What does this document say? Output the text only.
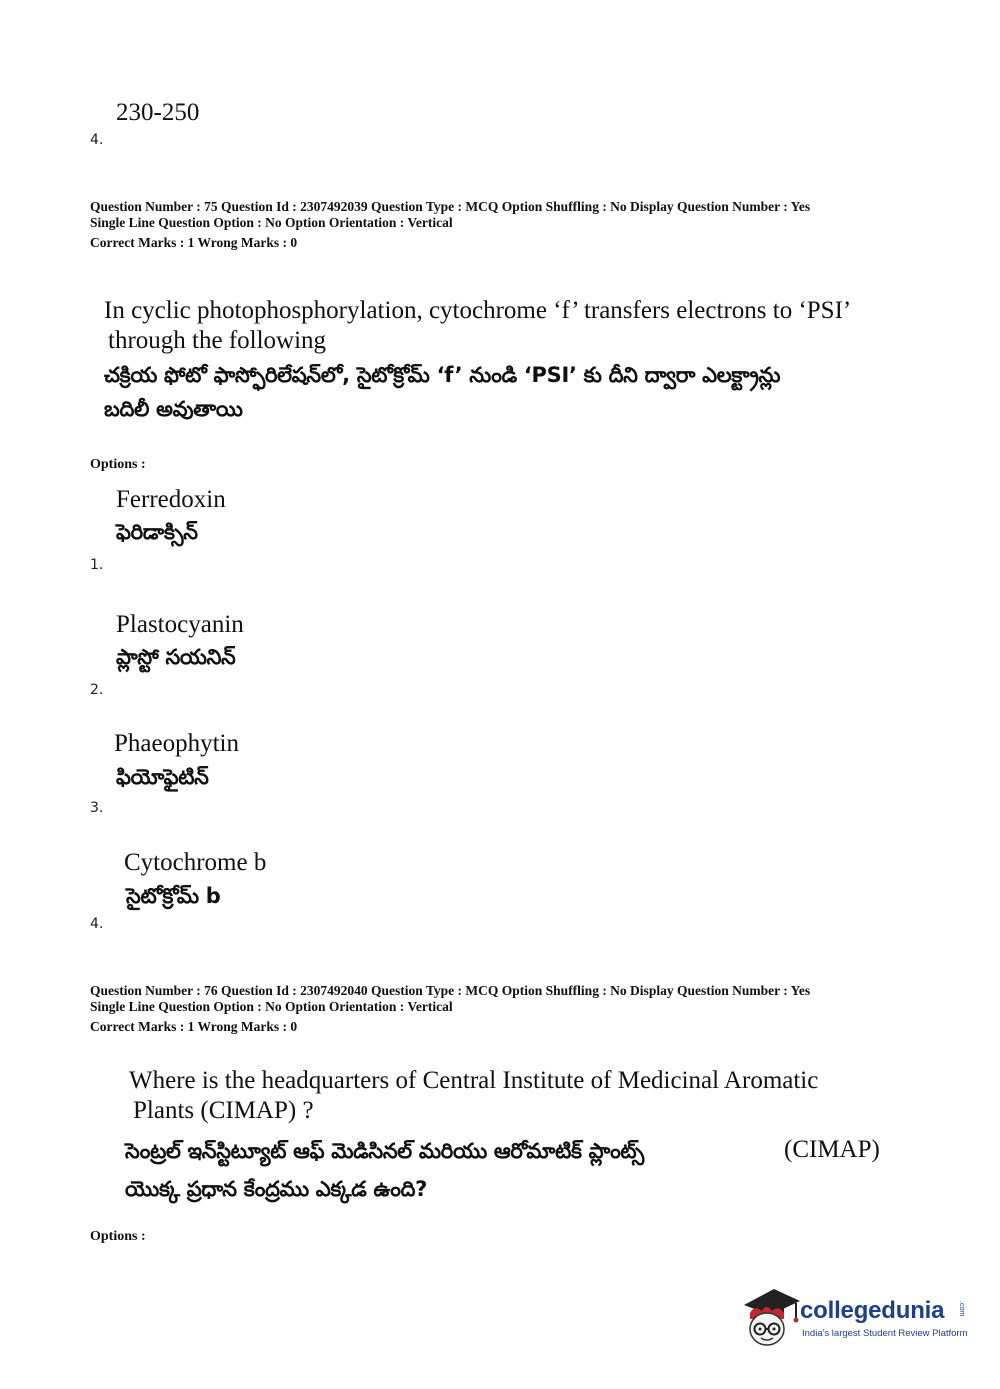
230-250

4.

Question Number : 75 Question Id : 2307492039 Question Type : MCQ Option Shuffling : No Display Question Number : Yes
Single Line Question Option : No Option Orientation : Vertical
Correct Marks : 1 Wrong Marks : 0

In cyclic photophosphorylation, cytochrome ‘f’ transfers electrons to ‘PSI’

through the following

చక్రియ ఫోటో ఫాస్ఫోరిలేషన్‌లో, సైటోక్రోమ్ ‘f’ నుండి ‘PSI’ కు దీని ద్వారా ఎలక్ట్రాన్లు

బదిలీ అవుతాయి

Options :

Ferredoxin

ఫెరిడాక్సిన్

1.

Plastocyanin

ప్లాస్టో సయనిన్

2.

Phaeophytin

ఫియోఫైటిన్

3.

Cytochrome b

సైటోక్రోమ్ b

4.

Question Number : 76 Question Id : 2307492040 Question Type : MCQ Option Shuffling : No Display Question Number : Yes
Single Line Question Option : No Option Orientation : Vertical
Correct Marks : 1 Wrong Marks : 0

Where is the headquarters of Central Institute of Medicinal Aromatic

Plants (CIMAP) ?

సెంట్రల్ ఇన్‌స్టిట్యూట్ ఆఫ్ మెడిసినల్ మరియు ఆరోమాటిక్ ప్లాంట్స్	(CIMAP)

యొక్క ప్రధాన కేంద్రము ఎక్కడ ఉంది?

Options :

collegedunia .com
India's largest Student Review Platform
